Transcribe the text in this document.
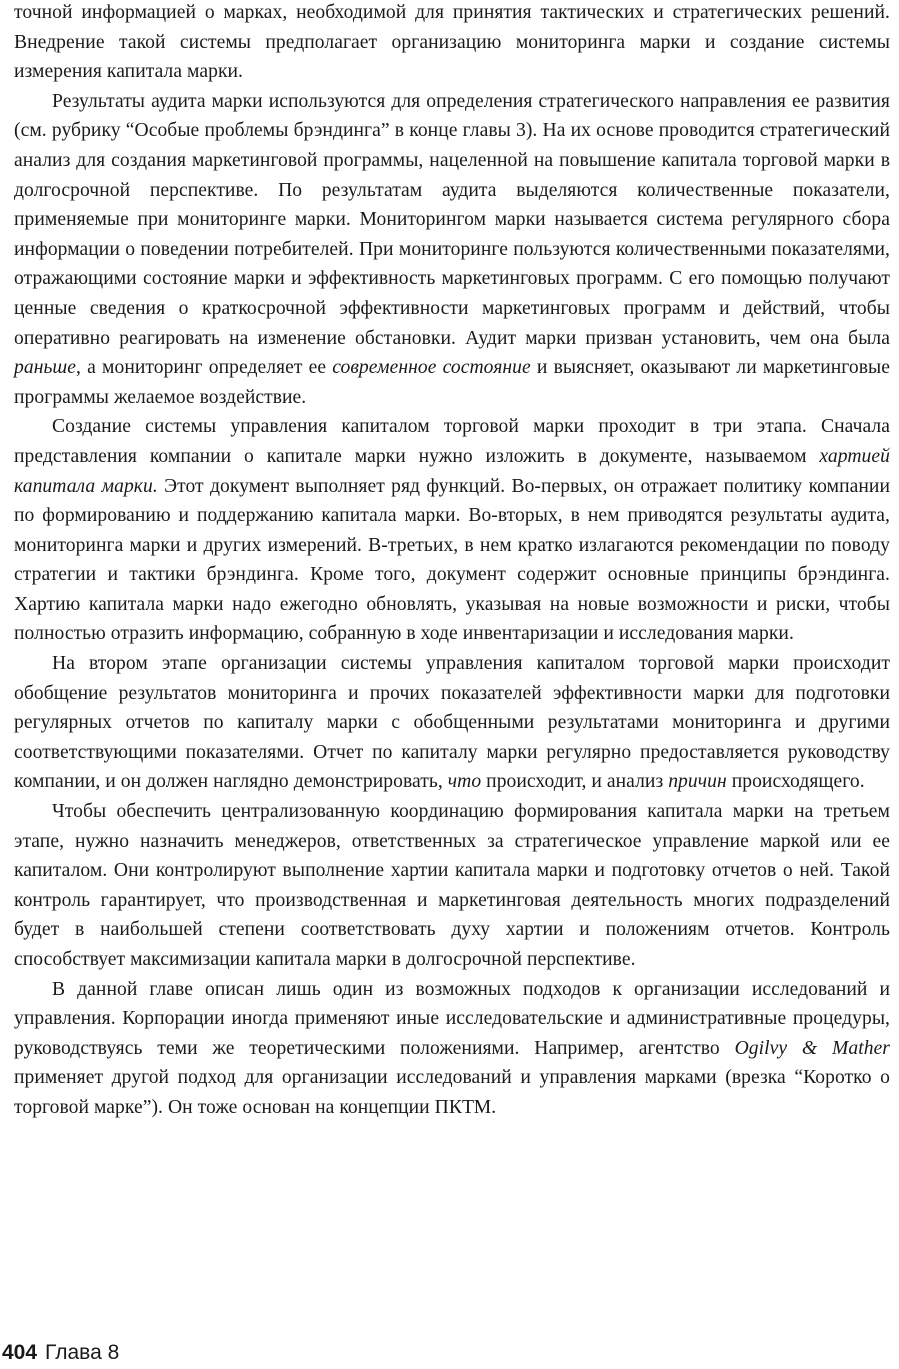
точной информацией о марках, необходимой для принятия тактических и стратегических решений. Внедрение такой системы предполагает организацию мониторинга марки и создание системы измерения капитала марки.

Результаты аудита марки используются для определения стратегического направления ее развития (см. рубрику “Особые проблемы брэндинга” в конце главы 3). На их основе проводится стратегический анализ для создания маркетинговой программы, нацеленной на повышение капитала торговой марки в долгосрочной перспективе. По результатам аудита выделяются количественные показатели, применяемые при мониторинге марки. Мониторингом марки называется система регулярного сбора информации о поведении потребителей. При мониторинге пользуются количественными показателями, отражающими состояние марки и эффективность маркетинговых программ. С его помощью получают ценные сведения о краткосрочной эффективности маркетинговых программ и действий, чтобы оперативно реагировать на изменение обстановки. Аудит марки призван установить, чем она была раньше, а мониторинг определяет ее современное состояние и выясняет, оказывают ли маркетинговые программы желаемое воздействие.

Создание системы управления капиталом торговой марки проходит в три этапа. Сначала представления компании о капитале марки нужно изложить в документе, называемом хартией капитала марки. Этот документ выполняет ряд функций. Во-первых, он отражает политику компании по формированию и поддержанию капитала марки. Во-вторых, в нем приводятся результаты аудита, мониторинга марки и других измерений. В-третьих, в нем кратко излагаются рекомендации по поводу стратегии и тактики брэндинга. Кроме того, документ содержит основные принципы брэндинга. Хартию капитала марки надо ежегодно обновлять, указывая на новые возможности и риски, чтобы полностью отразить информацию, собранную в ходе инвентаризации и исследования марки.

На втором этапе организации системы управления капиталом торговой марки происходит обобщение результатов мониторинга и прочих показателей эффективности марки для подготовки регулярных отчетов по капиталу марки с обобщенными результатами мониторинга и другими соответствующими показателями. Отчет по капиталу марки регулярно предоставляется руководству компании, и он должен наглядно демонстрировать, что происходит, и анализ причин происходящего.

Чтобы обеспечить централизованную координацию формирования капитала марки на третьем этапе, нужно назначить менеджеров, ответственных за стратегическое управление маркой или ее капиталом. Они контролируют выполнение хартии капитала марки и подготовку отчетов о ней. Такой контроль гарантирует, что производственная и маркетинговая деятельность многих подразделений будет в наибольшей степени соответствовать духу хартии и положениям отчетов. Контроль способствует максимизации капитала марки в долгосрочной перспективе.

В данной главе описан лишь один из возможных подходов к организации исследований и управления. Корпорации иногда применяют иные исследовательские и административные процедуры, руководствуясь теми же теоретическими положениями. Например, агентство Ogilvy & Mather применяет другой подход для организации исследований и управления марками (врезка “Коротко о торговой марке”). Он тоже основан на концепции ПКТМ.

404 Глава 8
